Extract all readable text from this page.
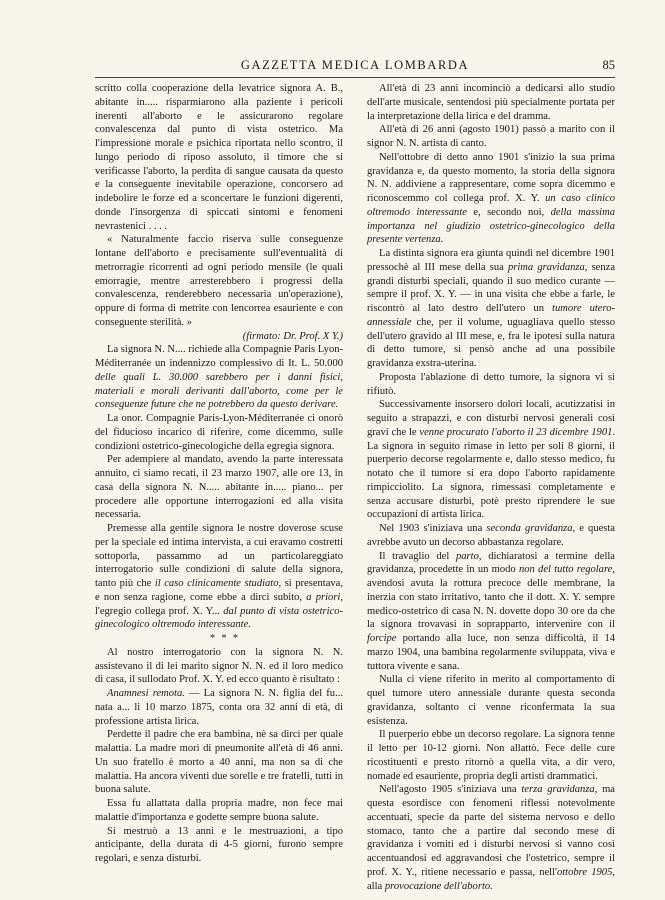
GAZZETTA MEDICA LOMBARDA	85

scritto colla cooperazione della levatrice signora A. B., abitante in..... risparmiarono alla paziente i pericoli inerenti all'aborto e le assicurarono regolare convalescenza dal punto di vista ostetrico. Ma l'impressione morale e psichica riportata nello scontro, il lungo periodo di riposo assoluto, il timore che si verificasse l'aborto, la perdita di sangue causata da questo e la conseguente inevitabile operazione, concorsero ad indebolire le forze ed a sconcertare le funzioni digerenti, donde l'insorgenza di spiccati sintomi e fenomeni nevrastenici . . . .

« Naturalmente faccio riserva sulle conseguenze lontane dell'aborto e precisamente sull'eventualità di metrorragie ricorrenti ad ogni periodo mensile (le quali emorragie, mentre arresterebbero i progressi della convalescenza, renderebbero necessaria un'operazione), oppure di forma di metrite con lencorrea esauriente e con conseguente sterilità. »

(firmato: Dr. Prof. X Y.)

La signora N. N.... richiede alla Compagnie Paris Lyon-Méditerranée un indennizzo complessivo di It. L. 50.000 delle quali L. 30.000 sarebbero per i danni fisici, materiali e morali derivanti dall'aborto, come per le conseguenze future che ne potrebbero da questo derivare.

La onor. Compagnie Paris-Lyon-Méditerranée ci onorò del fiducioso incarico di riferire, come dicemmo, sulle condizioni ostetrico-ginecologiche della egregia signora.

Per adempiere al mandato, avendo la parte interessata annuito, ci siamo recati, il 23 marzo 1907, alle ore 13, in casa della signora N. N..... abitante in..... piano... per procedere alle opportune interrogazioni ed alla visita necessaria.

Premesse alla gentile signora le nostre doverose scuse per la speciale ed intima intervista, a cui eravamo costretti sottoporla, passammo ad un particolareggiato interrogatorio sulle condizioni di salute della signora, tanto più che il caso clinicamente studiato, si presentava, e non senza ragione, come ebbe a dirci subito, a priori, l'egregio collega prof. X. Y... dal punto di vista ostetrico-ginecologico oltremodo interessante.

* * *

Al nostro interrogatorio con la signora N. N. assistevano il di lei marito signor N. N. ed il loro medico di casa, il sullodato Prof. X. Y. ed ecco quanto è risultato :

Anamnesi remota. — La signora N. N. figlia del fu... nata a... li 10 marzo 1875, conta ora 32 anni di età, di professione artista lirica.

Perdette il padre che era bambina, nè sa dirci per quale malattia. La madre morì di pneumonite all'età di 46 anni. Un suo fratello è morto a 40 anni, ma non sa di che malattia. Ha ancora viventi due sorelle e tre fratelli, tutti in buona salute.

Essa fu allattata dalla propria madre, non fece mai malattie d'importanza e godette sempre buona salute.

Si mestruò a 13 anni e le mestruazioni, a tipo anticipante, della durata di 4-5 giorni, furono sempre regolari, e senza disturbi.

All'età di 23 anni incominciò a dedicarsi allo studio dell'arte musicale, sentendosi più specialmente portata per la interpretazione della lirica e del dramma.

All'età di 26 anni (agosto 1901) passò a marito con il signor N. N. artista di canto.

Nell'ottobre di detto anno 1901 s'inizio la sua prima gravidanza e, da questo momento, la storia della signora N. N. addiviene a rappresentare, come sopra dicemmo e riconoscemmo col collega prof. X. Y. un caso clinico oltremodo interessante e, secondo noi, della massima importanza nel giudizio ostetrico-ginecologico della presente vertenza.

La distinta signora era giunta quindi nel dicembre 1901 pressochè al III mese della sua prima gravidanza, senza grandi disturbi speciali, quando il suo medico curante — sempre il prof. X. Y. — in una visita che ebbe a farle, le riscontrò al lato destro dell'utero un tumore utero-annessiale che, per il volume, uguagliava quello stesso dell'utero gravido al III mese, e, fra le ipotesi sulla natura di detto tumore, si pensò anche ad una possibile gravidanza exstra-uterina.

Proposta l'ablazione di detto tumore, la signora vi si rifiutò.

Successivamente insorsero dolori locali, acutizzatisi in seguito a strapazzi, e con disturbi nervosi generali così gravi che le venne procurato l'aborto il 23 dicembre 1901. La signora in seguito rimase in letto per soli 8 giorni, il puerperio decorse regolarmente e, dallo stesso medico, fu notato che il tumore si era dopo l'aborto rapidamente rimpicciolito. La signora, rimessasi completamente e senza accusare disturbi, potè presto riprendere le sue occupazioni di artista lirica.

Nel 1903 s'iniziava una seconda gravidanza, e questa avrebbe avuto un decorso abbastanza regolare.

Il travaglio del parto, dichiaratosi a termine della gravidanza, procedette in un modo non del tutto regolare, avendosi avuta la rottura precoce delle membrane, la inerzia con stato irritativo, tanto che il dott. X. Y. sempre medico-ostetrico di casa N. N. dovette dopo 30 ore da che la signora trovavasi in soprapparto, intervenire con il forcipe portando alla luce, non senza difficoltà, il 14 marzo 1904, una bambina regolarmente sviluppata, viva e tuttora vivente e sana.

Nulla ci viene riferito in merito al comportamento di quel tumore utero annessiale durante questa seconda gravidanza, soltanto ci venne riconfermata la sua esistenza.

Il puerperio ebbe un decorso regolare. La signora tenne il letto per 10-12 giorni. Non allattò. Fece delle cure ricostituenti e presto ritornò a quella vita, a dir vero, nomade ed esauriente, propria degli artisti drammatici.

Nell'agosto 1905 s'iniziava una terza gravidanza, ma questa esordisce con fenomeni riflessi notevolmente accentuati, specie da parte del sistema nervoso e dello stomaco, tanto che a partire dal secondo mese di gravidanza i vomiti ed i disturbi nervosi si vanno così accentuandosi ed aggravandosi che l'ostetrico, sempre il prof. X. Y., ritiene necessario e passa, nell'ottobre 1905, alla provocazione dell'aborto.
